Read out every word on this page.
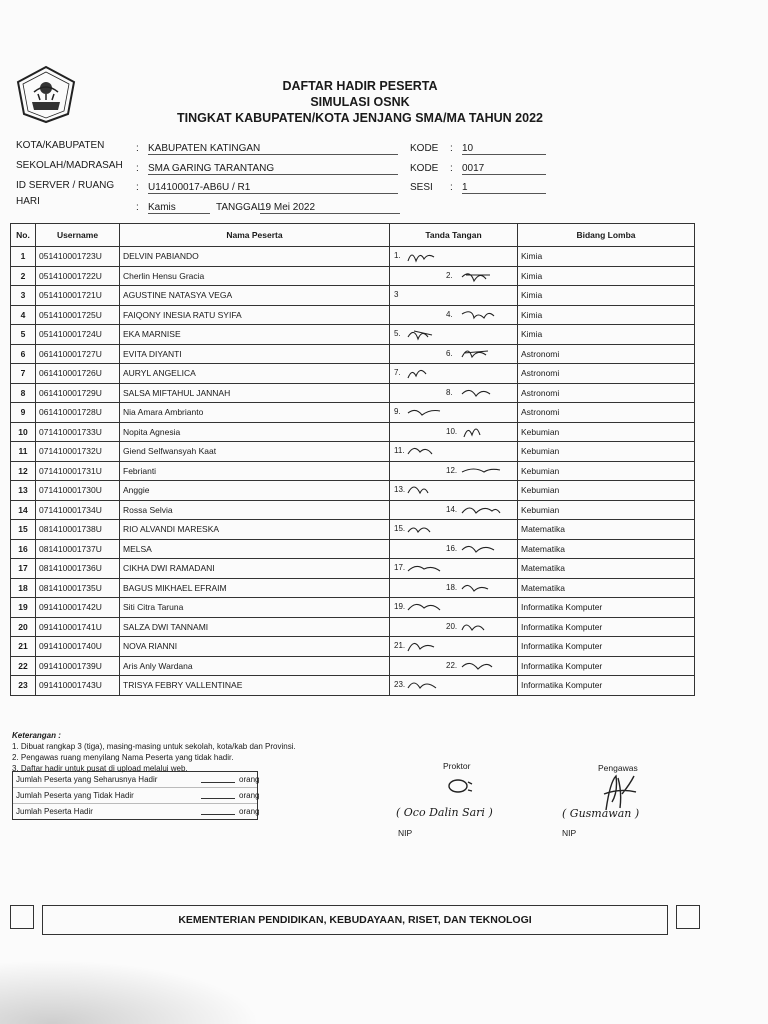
DAFTAR HADIR PESERTA
SIMULASI OSNK
TINGKAT KABUPATEN/KOTA JENJANG SMA/MA TAHUN 2022
KOTA/KABUPATEN	: KABUPATEN KATINGAN	KODE : 10
SEKOLAH/MADRASAH : SMA GARING TARANTANG	KODE : 0017
ID SERVER / RUANG : U14100017-AB6U / R1	SESI : 1
HARI
: Kamis	TANGGAL :
19 Mei 2022
No.	Username	Nama Peserta	Tanda Tangan	Bidang Lomba
1	051410001723U	DELVIN PABIANDO	1.	Kimia
2	051410001722U	Cherlin Hensu Gracia	2.	Kimia
3	051410001721U	AGUSTINE NATASYA VEGA	3	Kimia
4	051410001725U	FAIQONY INESIA RATU SYIFA	4.	Kimia
5	051410001724U	EKA MARNISE	5.	Kimia
6	061410001727U	EVITA DIYANTI	6.	Astronomi
7	061410001726U	AURYL ANGELICA	7.	Astronomi
8	061410001729U	SALSA MIFTAHUL JANNAH	8.	Astronomi
9	061410001728U	Nia Amara Ambrianto	9.	Astronomi
10	071410001733U	Nopita Agnesia	10.	Kebumian
11	071410001732U	Giend Selfwansyah Kaat	11.	Kebumian
12	071410001731U	Febrianti	12.	Kebumian
13	071410001730U	Anggie	13.	Kebumian
14	071410001734U	Rossa Selvia	14.	Kebumian
15	081410001738U	RIO ALVANDI MARESKA	15.	Matematika
16	081410001737U	MELSA	16.	Matematika
17	081410001736U	CIKHA DWI RAMADANI	17.	Matematika
18	081410001735U	BAGUS MIKHAEL EFRAIM	18.	Matematika
19	091410001742U	Siti Citra Taruna	19.	Informatika Komputer
20	091410001741U	SALZA DWI TANNAMI	20.	Informatika Komputer
21	091410001740U	NOVA RIANNI	21.	Informatika Komputer
22	091410001739U	Aris Anly Wardana	22.	Informatika Komputer
23	091410001743U	TRISYA FEBRY VALLENTINAE	23.	Informatika Komputer
Keterangan :
1. Dibuat rangkap 3 (tiga), masing-masing untuk sekolah, kota/kab dan Provinsi.
2. Pengawas ruang menyilang Nama Peserta yang tidak hadir.
3. Daftar hadir untuk pusat di upload melalui web.
Jumlah Peserta yang Seharusnya Hadir	orang
Jumlah Peserta yang Tidak Hadir	orang
Jumlah Peserta Hadir	orang
Proktor
( Oco Dalin Sari )
NIP
Pengawas
( Gusmawan )
NIP
KEMENTERIAN PENDIDIKAN, KEBUDAYAAN, RISET, DAN TEKNOLOGI
